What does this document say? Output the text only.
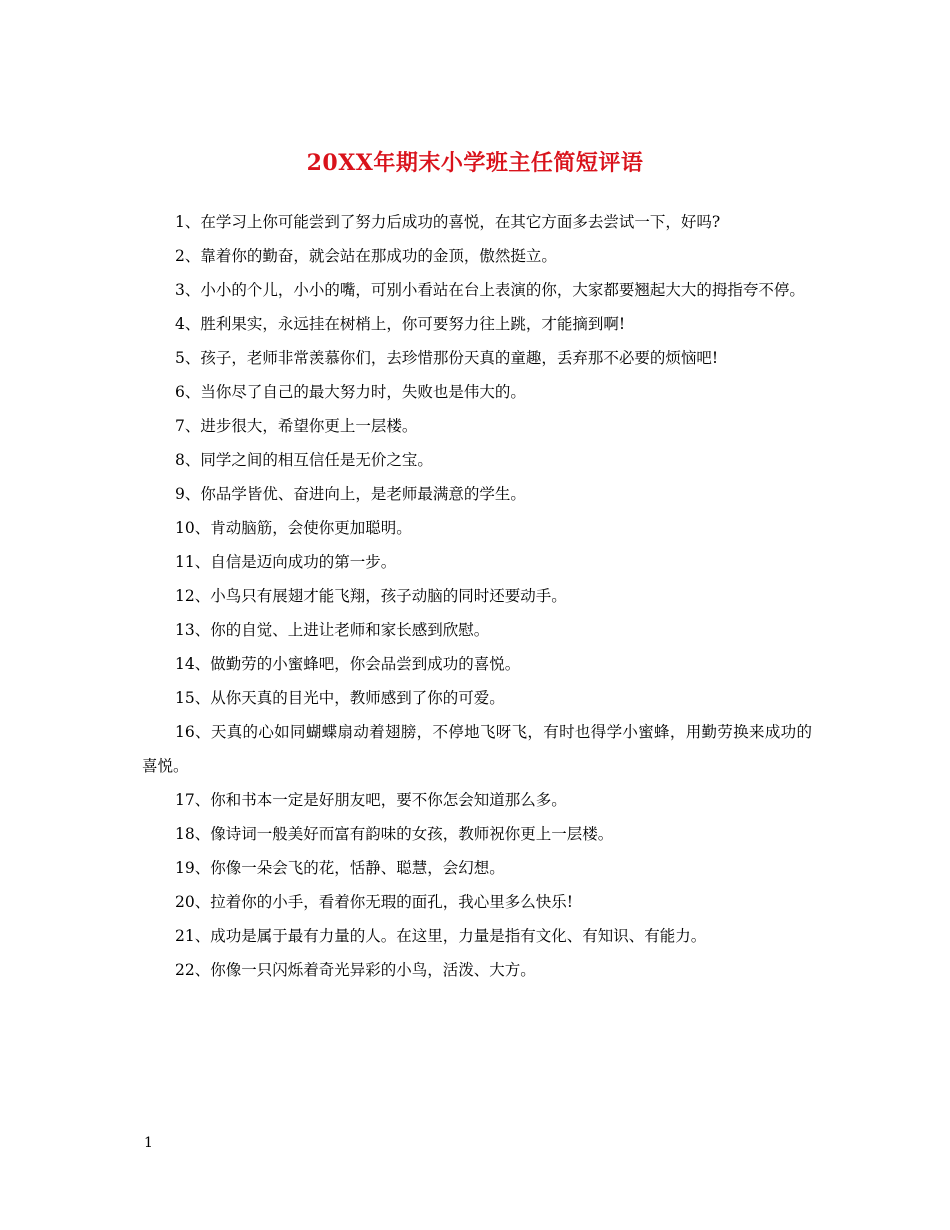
20XX年期末小学班主任简短评语

1、在学习上你可能尝到了努力后成功的喜悦，在其它方面多去尝试一下，好吗?

2、靠着你的勤奋，就会站在那成功的金顶，傲然挺立。

3、小小的个儿，小小的嘴，可别小看站在台上表演的你，大家都要翘起大大的拇指夸不停。

4、胜利果实，永远挂在树梢上，你可要努力往上跳，才能摘到啊!

5、孩子，老师非常羡慕你们，去珍惜那份天真的童趣，丢弃那不必要的烦恼吧!

6、当你尽了自己的最大努力时，失败也是伟大的。

7、进步很大，希望你更上一层楼。

8、同学之间的相互信任是无价之宝。

9、你品学皆优、奋进向上，是老师最满意的学生。

10、肯动脑筋，会使你更加聪明。

11、自信是迈向成功的第一步。

12、小鸟只有展翅才能飞翔，孩子动脑的同时还要动手。

13、你的自觉、上进让老师和家长感到欣慰。

14、做勤劳的小蜜蜂吧，你会品尝到成功的喜悦。

15、从你天真的目光中，教师感到了你的可爱。

16、天真的心如同蝴蝶扇动着翅膀，不停地飞呀飞，有时也得学小蜜蜂，用勤劳换来成功的喜悦。

17、你和书本一定是好朋友吧，要不你怎会知道那么多。

18、像诗词一般美好而富有韵味的女孩，教师祝你更上一层楼。

19、你像一朵会飞的花，恬静、聪慧，会幻想。

20、拉着你的小手，看着你无瑕的面孔，我心里多么快乐!

21、成功是属于最有力量的人。在这里，力量是指有文化、有知识、有能力。

22、你像一只闪烁着奇光异彩的小鸟，活泼、大方。

1
